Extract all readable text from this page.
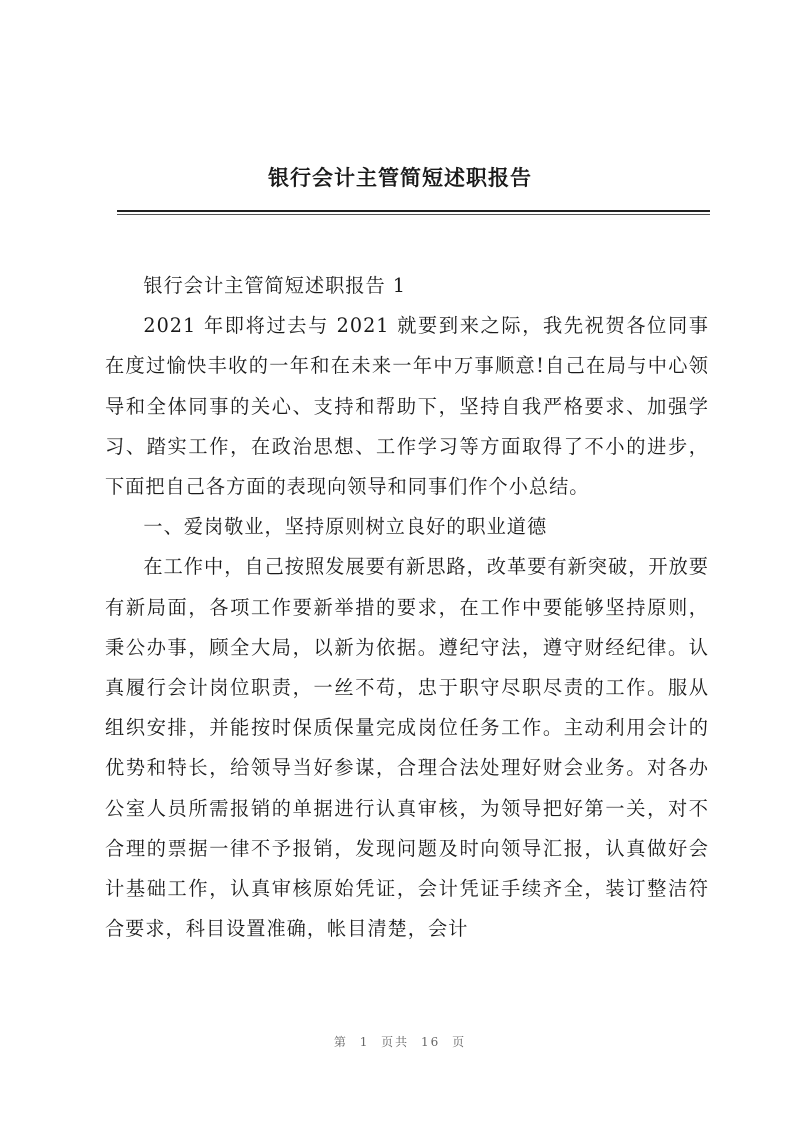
银行会计主管简短述职报告

银行会计主管简短述职报告 1

2021 年即将过去与 2021 就要到来之际，我先祝贺各位同事在度过愉快丰收的一年和在未来一年中万事顺意!自己在局与中心领导和全体同事的关心、支持和帮助下，坚持自我严格要求、加强学习、踏实工作，在政治思想、工作学习等方面取得了不小的进步，下面把自己各方面的表现向领导和同事们作个小总结。

一、爱岗敬业，坚持原则树立良好的职业道德

在工作中，自己按照发展要有新思路，改革要有新突破，开放要有新局面，各项工作要新举措的要求，在工作中要能够坚持原则，秉公办事，顾全大局，以新为依据。遵纪守法，遵守财经纪律。认真履行会计岗位职责，一丝不苟，忠于职守尽职尽责的工作。服从组织安排，并能按时保质保量完成岗位任务工作。主动利用会计的优势和特长，给领导当好参谋，合理合法处理好财会业务。对各办公室人员所需报销的单据进行认真审核，为领导把好第一关，对不合理的票据一律不予报销，发现问题及时向领导汇报，认真做好会计基础工作，认真审核原始凭证，会计凭证手续齐全，装订整洁符合要求，科目设置准确，帐目清楚，会计

第 1 页共 16 页
